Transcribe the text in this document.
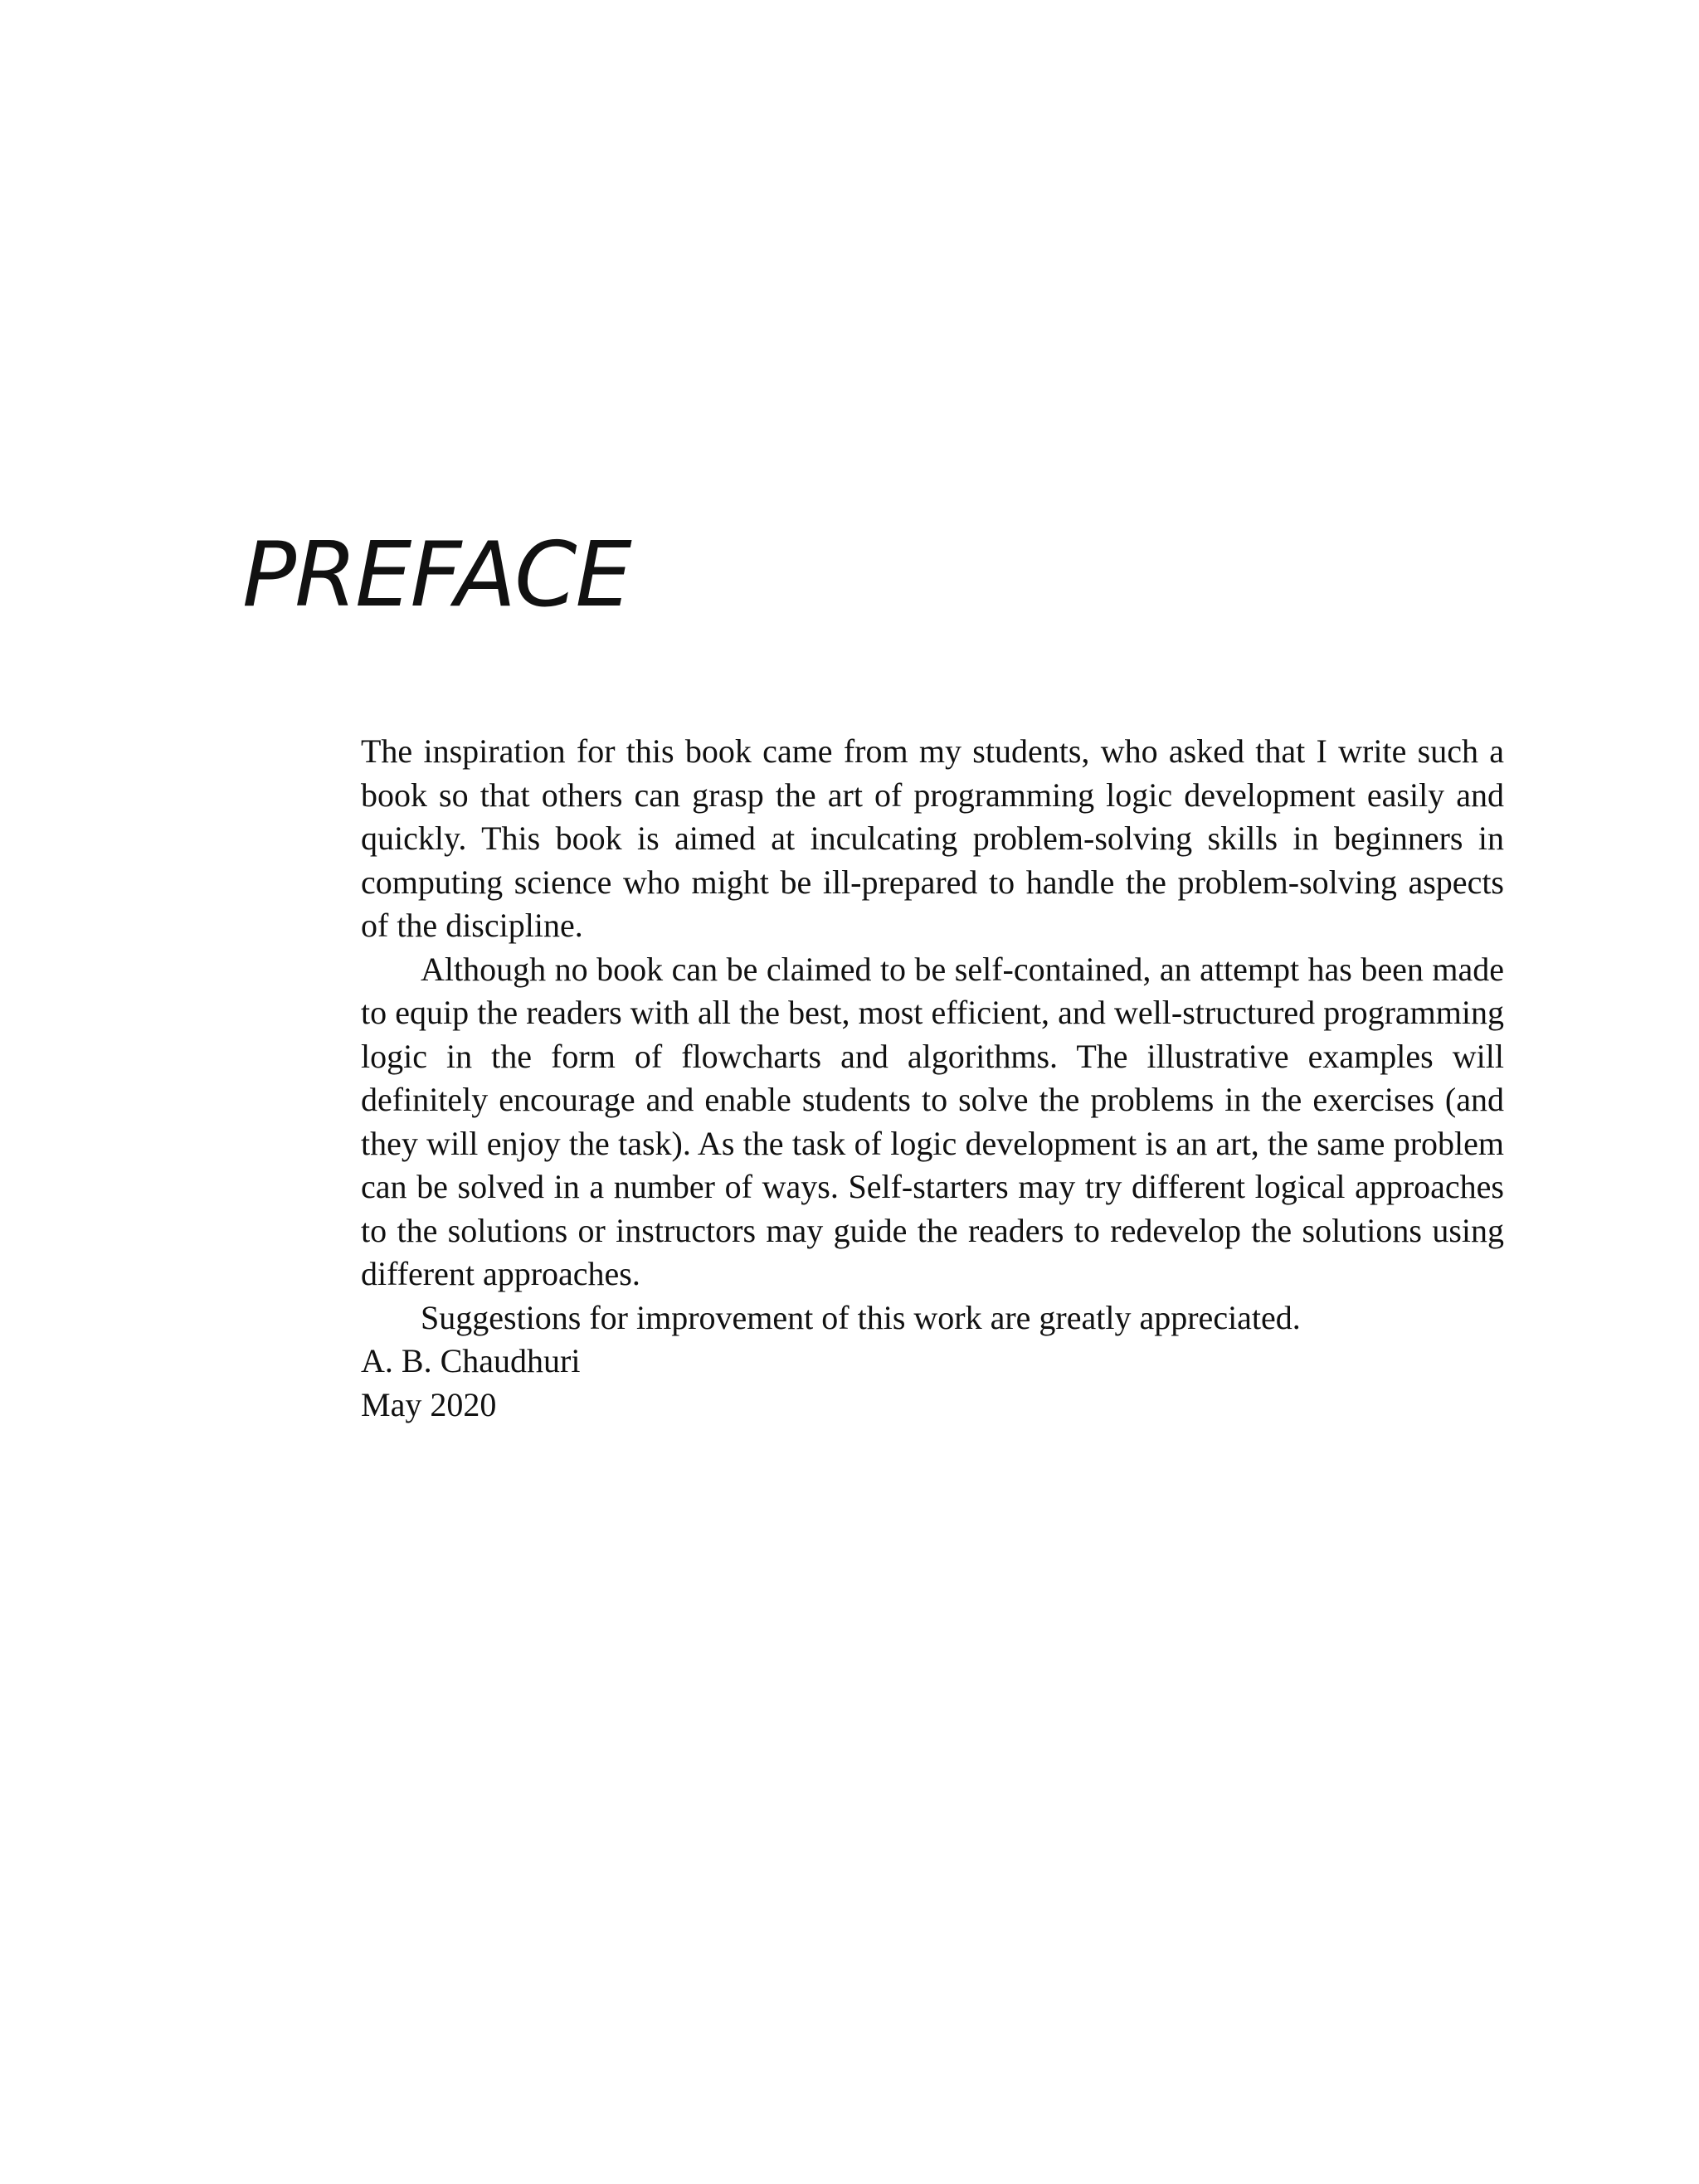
PREFACE

The inspiration for this book came from my students, who asked that I write such a book so that others can grasp the art of programming logic development easily and quickly. This book is aimed at inculcating problem-solving skills in beginners in computing science who might be ill-prepared to handle the problem-solving aspects of the discipline.

Although no book can be claimed to be self-contained, an attempt has been made to equip the readers with all the best, most efficient, and well-structured programming logic in the form of flowcharts and algorithms. The illustrative examples will definitely encourage and enable students to solve the problems in the exercises (and they will enjoy the task). As the task of logic development is an art, the same problem can be solved in a number of ways. Self-starters may try different logical approaches to the solutions or instructors may guide the readers to redevelop the solutions using different approaches.

Suggestions for improvement of this work are greatly appreciated.

A. B. Chaudhuri

May 2020
